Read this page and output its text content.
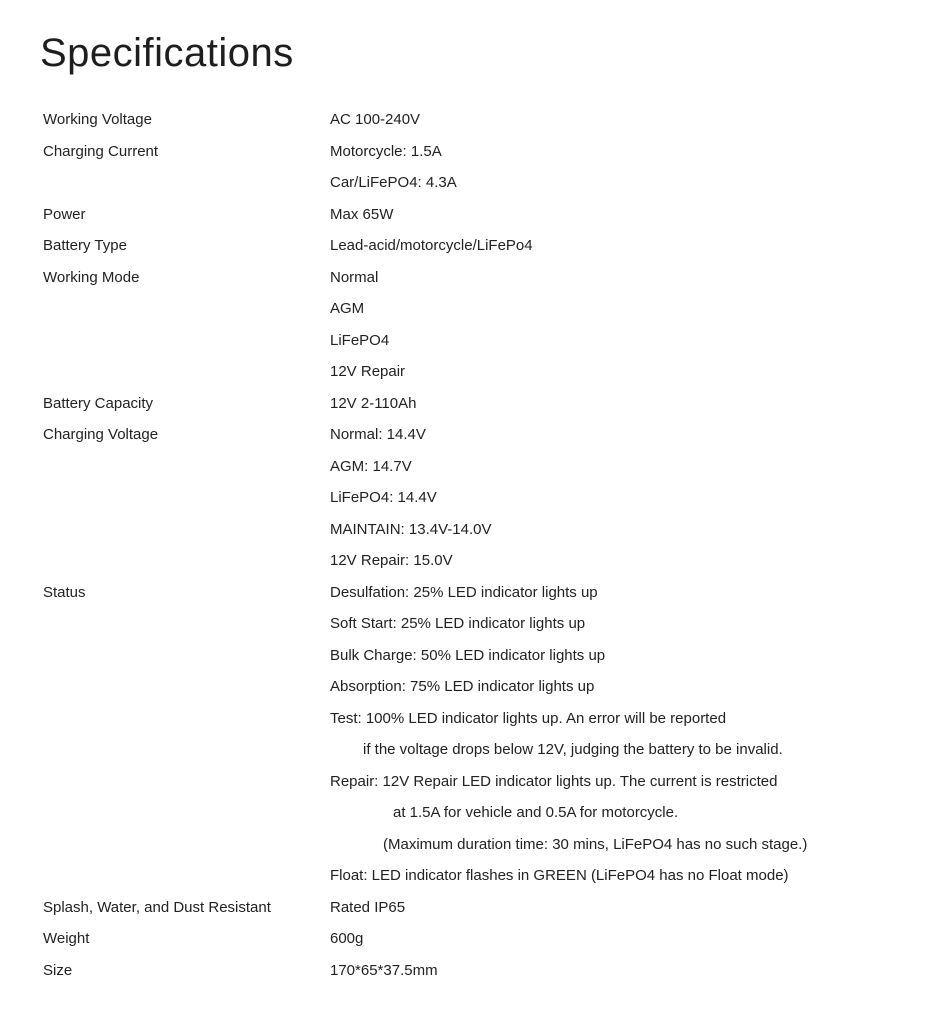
Specifications
Working Voltage	AC 100-240V
Charging Current	Motorcycle: 1.5A
Car/LiFePO4: 4.3A
Power	Max 65W
Battery Type	Lead-acid/motorcycle/LiFePo4
Working Mode	Normal
AGM
LiFePO4
12V Repair
Battery Capacity	12V 2-110Ah
Charging Voltage	Normal: 14.4V
AGM: 14.7V
LiFePO4: 14.4V
MAINTAIN: 13.4V-14.0V
12V Repair: 15.0V
Status	Desulfation: 25% LED indicator lights up
Soft Start: 25% LED indicator lights up
Bulk Charge: 50% LED indicator lights up
Absorption: 75% LED indicator lights up
Test: 100% LED indicator lights up. An error will be reported
if the voltage drops below 12V, judging the battery to be invalid.
Repair: 12V Repair LED indicator lights up. The current is restricted
at 1.5A for vehicle and 0.5A for motorcycle.
(Maximum duration time: 30 mins, LiFePO4 has no such stage.)
Float: LED indicator flashes in GREEN (LiFePO4 has no Float mode)
Splash, Water, and Dust Resistant	Rated IP65
Weight	600g
Size	170*65*37.5mm
